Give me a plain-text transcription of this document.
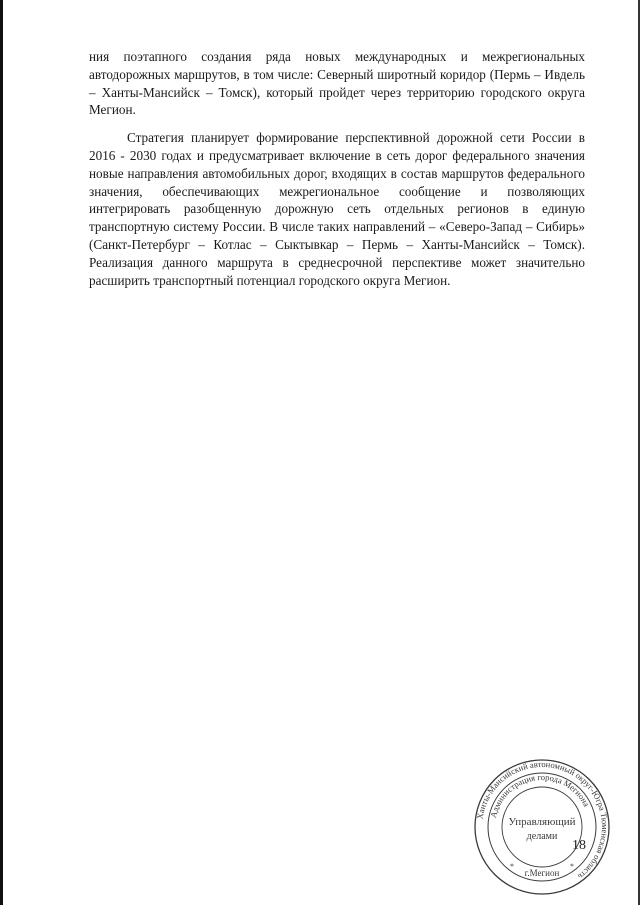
ния поэтапного создания ряда новых международных и межрегиональных автодорожных маршрутов, в том числе: Северный широтный коридор (Пермь – Ивдель – Ханты-Мансийск – Томск), который пройдет через территорию городского округа Мегион.

Стратегия планирует формирование перспективной дорожной сети России в 2016 - 2030 годах и предусматривает включение в сеть дорог федерального значения новые направления автомобильных дорог, входящих в состав маршрутов федерального значения, обеспечивающих межрегиональное сообщение и позволяющих интегрировать разобщенную дорожную сеть отдельных регионов в единую транспортную систему России. В числе таких направлений – «Северо-Запад – Сибирь» (Санкт-Петербург – Котлас – Сыктывкар – Пермь – Ханты-Мансийск – Томск). Реализация данного маршрута в среднесрочной перспективе может значительно расширить транспортный потенциал городского округа Мегион.

Ханты-Мансийский автономный округ-Югра Тюменская область
Администрация города Мегиона
Управляющий
делами
г.Мегион
*	*
18
